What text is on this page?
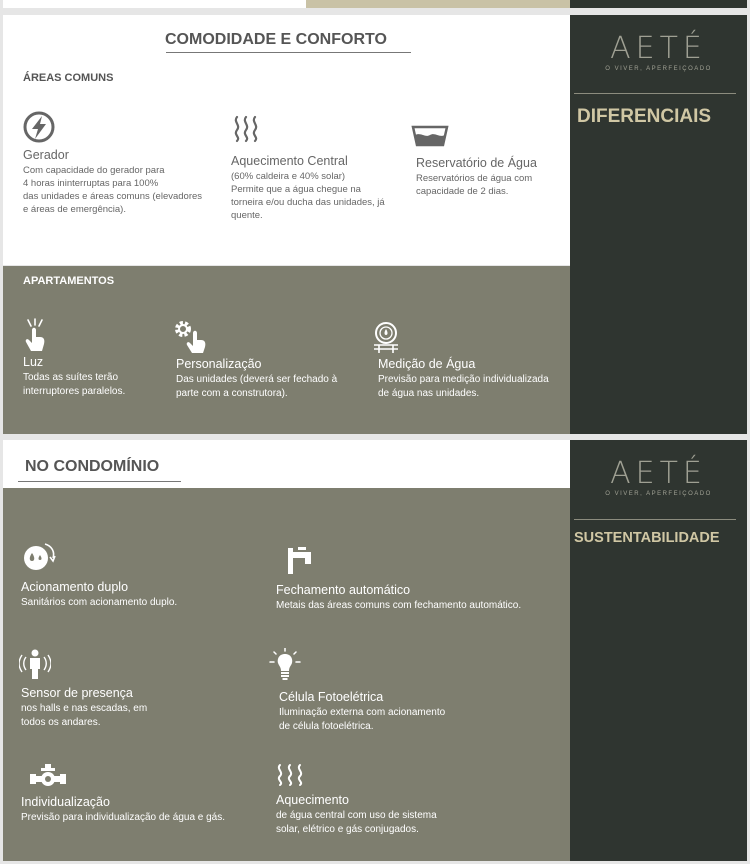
COMODIDADE E CONFORTO
ÁREAS COMUNS
Gerador
Com capacidade do gerador para
4 horas ininterruptas para 100%
das unidades e áreas comuns (elevadores
e áreas de emergência).
Aquecimento Central
(60% caldeira e 40% solar)
Permite que a água chegue na
torneira e/ou ducha das unidades, já
quente.
Reservatório de Água
Reservatórios de água com
capacidade de 2 dias.
APARTAMENTOS
Luz
Todas as suítes terão
interruptores paralelos.
Personalização
Das unidades (deverá ser fechado à
parte com a construtora).
Medição de Água
Previsão para medição individualizada
de água nas unidades.
AETÉ
O VIVER, APERFEIÇOADO
DIFERENCIAIS
NO CONDOMÍNIO
Acionamento duplo
Sanitários com acionamento duplo.
Fechamento automático
Metais das áreas comuns com fechamento automático.
Sensor de presença
nos halls e nas escadas, em
todos os andares.
Célula Fotoelétrica
Iluminação externa com acionamento
de célula fotoelétrica.
Individualização
Previsão para individualização de água e gás.
Aquecimento
de água central com uso de sistema
solar, elétrico e gás conjugados.
AETÉ
O VIVER, APERFEIÇOADO
SUSTENTABILIDADE
